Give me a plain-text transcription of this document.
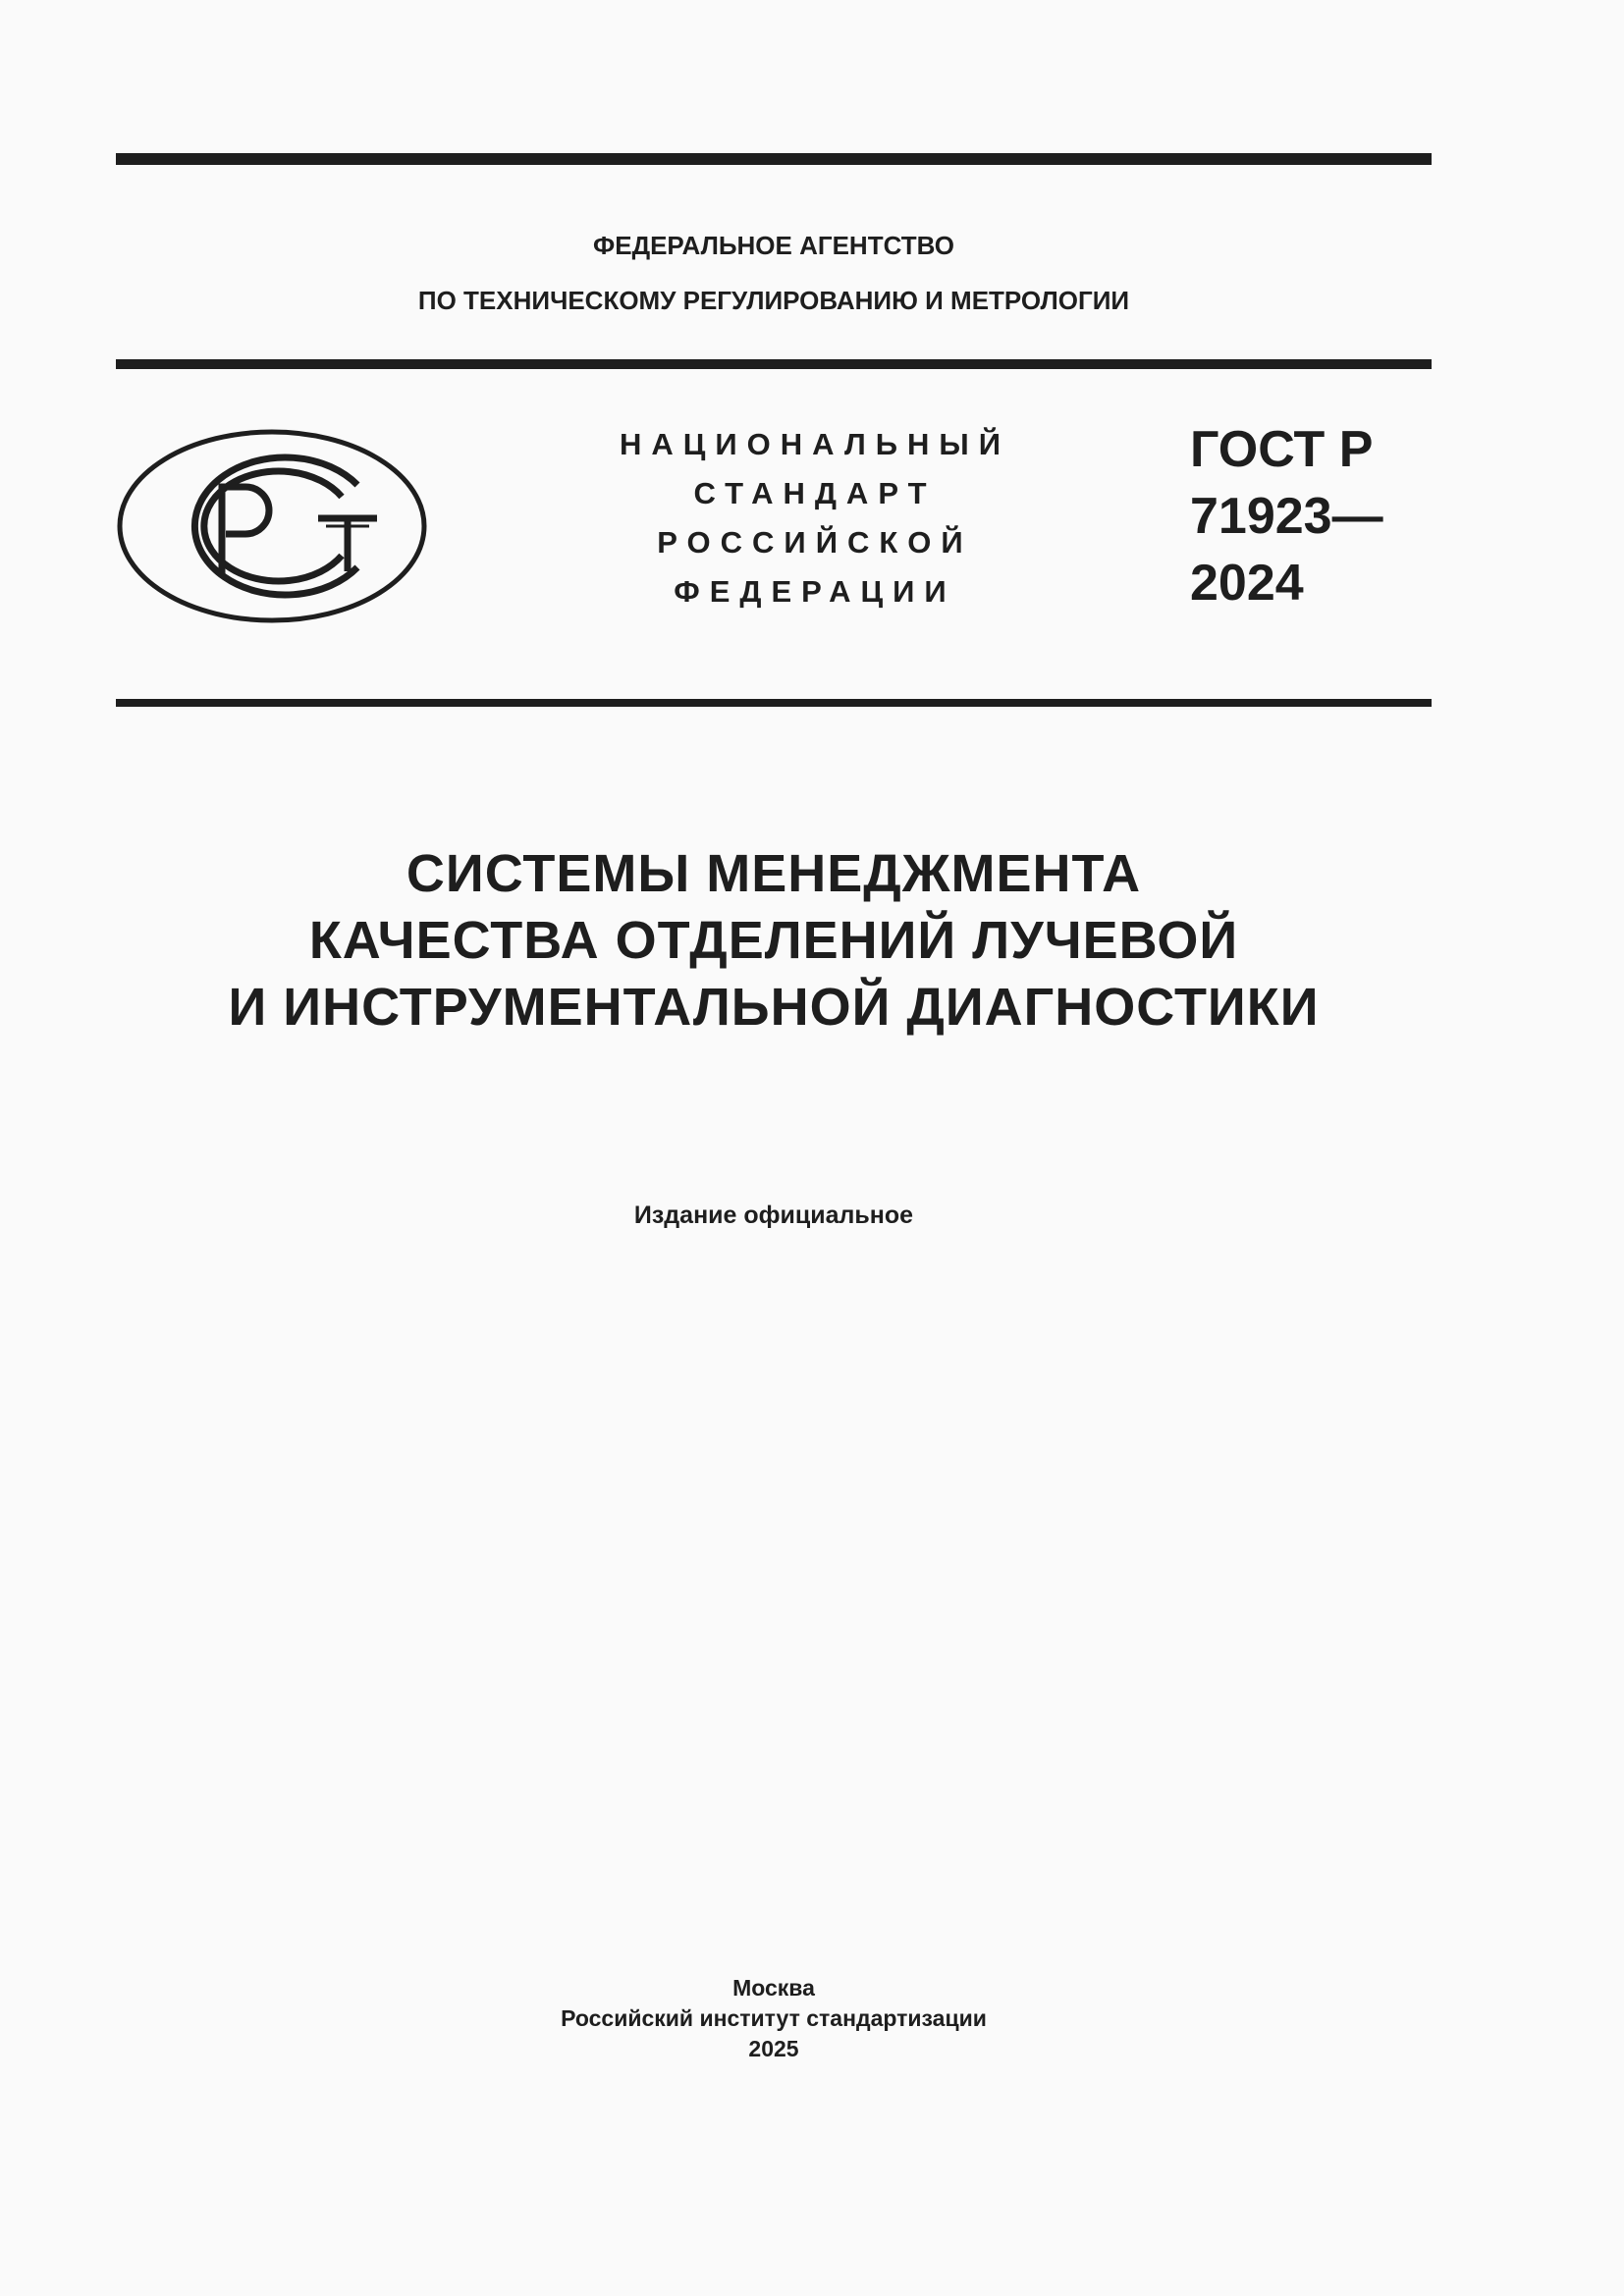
ФЕДЕРАЛЬНОЕ АГЕНТСТВО
ПО ТЕХНИЧЕСКОМУ РЕГУЛИРОВАНИЮ И МЕТРОЛОГИИ
НАЦИОНАЛЬНЫЙ
СТАНДАРТ
РОССИЙСКОЙ
ФЕДЕРАЦИИ
ГОСТ Р
71923—
2024
СИСТЕМЫ МЕНЕДЖМЕНТА
КАЧЕСТВА ОТДЕЛЕНИЙ ЛУЧЕВОЙ
И ИНСТРУМЕНТАЛЬНОЙ ДИАГНОСТИКИ
Издание официальное
Москва
Российский институт стандартизации
2025
